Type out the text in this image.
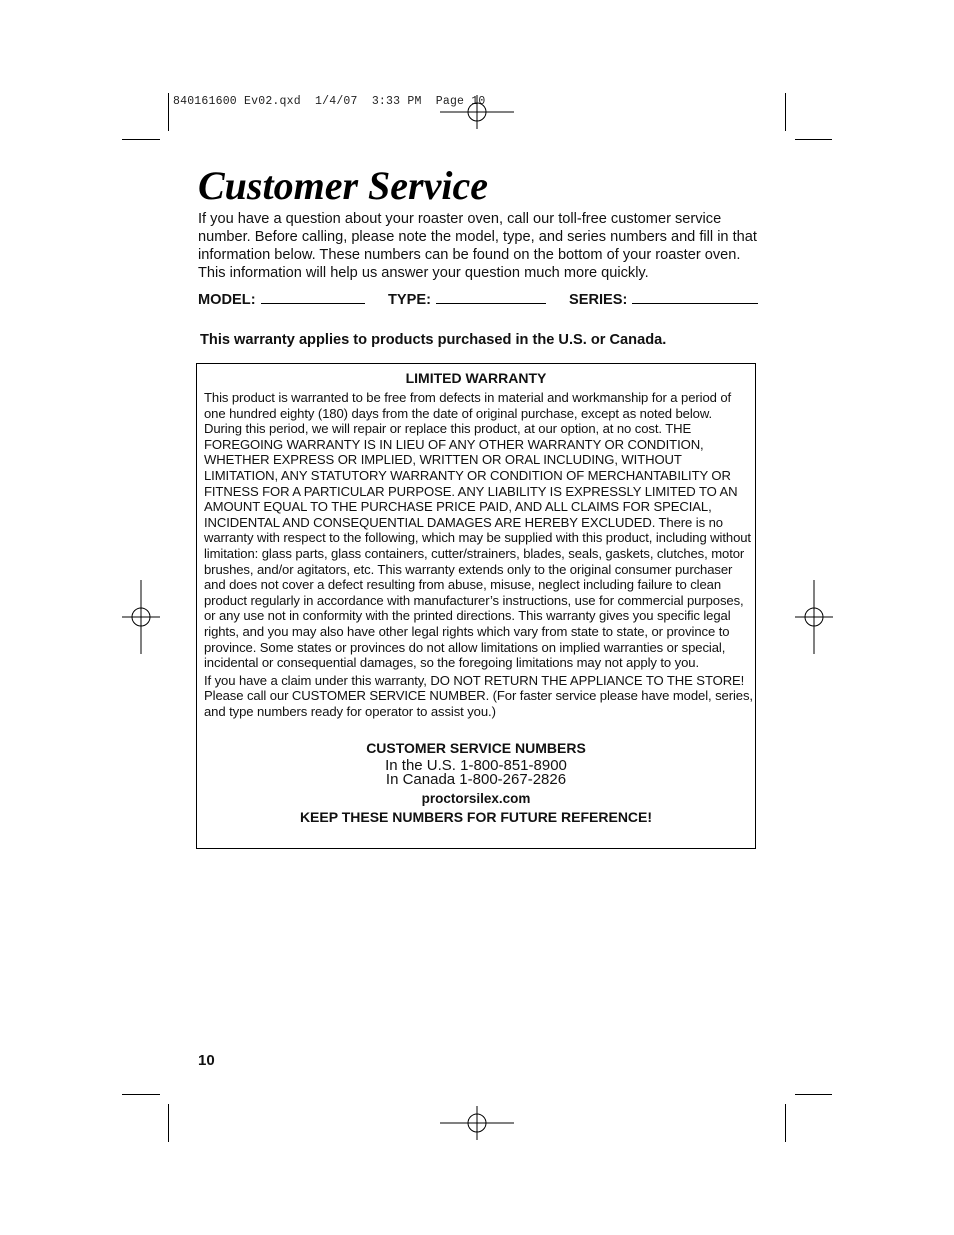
840161600 Ev02.qxd  1/4/07  3:33 PM  Page 10
Customer Service
If you have a question about your roaster oven, call our toll-free customer service number. Before calling, please note the model, type, and series numbers and fill in that information below. These numbers can be found on the bottom of your roaster oven. This information will help us answer your question much more quickly.
MODEL:	TYPE:	SERIES:
This warranty applies to products purchased in the U.S. or Canada.
LIMITED WARRANTY

This product is warranted to be free from defects in material and workmanship for a period of one hundred eighty (180) days from the date of original purchase, except as noted below. During this period, we will repair or replace this product, at our option, at no cost. THE FOREGOING WARRANTY IS IN LIEU OF ANY OTHER WARRANTY OR CONDITION, WHETHER EXPRESS OR IMPLIED, WRITTEN OR ORAL INCLUDING, WITHOUT LIMITATION, ANY STATUTORY WARRANTY OR CONDITION OF MERCHANTABILITY OR FITNESS FOR A PARTICULAR PURPOSE. ANY LIABILITY IS EXPRESSLY LIMITED TO AN AMOUNT EQUAL TO THE PURCHASE PRICE PAID, AND ALL CLAIMS FOR SPECIAL, INCIDENTAL AND CONSEQUENTIAL DAMAGES ARE HEREBY EXCLUDED. There is no warranty with respect to the following, which may be supplied with this product, including without limitation: glass parts, glass containers, cutter/strainers, blades, seals, gaskets, clutches, motor brushes, and/or agitators, etc. This warranty extends only to the original consumer purchaser and does not cover a defect resulting from abuse, misuse, neglect including failure to clean product regularly in accordance with manufacturer’s instructions, use for commercial purposes, or any use not in conformity with the printed directions. This warranty gives you specific legal rights, and you may also have other legal rights which vary from state to state, or province to province. Some states or provinces do not allow limitations on implied warranties or special, incidental or consequential damages, so the foregoing limitations may not apply to you.

If you have a claim under this warranty, DO NOT RETURN THE APPLIANCE TO THE STORE! Please call our CUSTOMER SERVICE NUMBER. (For faster service please have model, series, and type numbers ready for operator to assist you.)

CUSTOMER SERVICE NUMBERS
In the U.S. 1-800-851-8900
In Canada 1-800-267-2826
proctorsilex.com
KEEP THESE NUMBERS FOR FUTURE REFERENCE!
10
